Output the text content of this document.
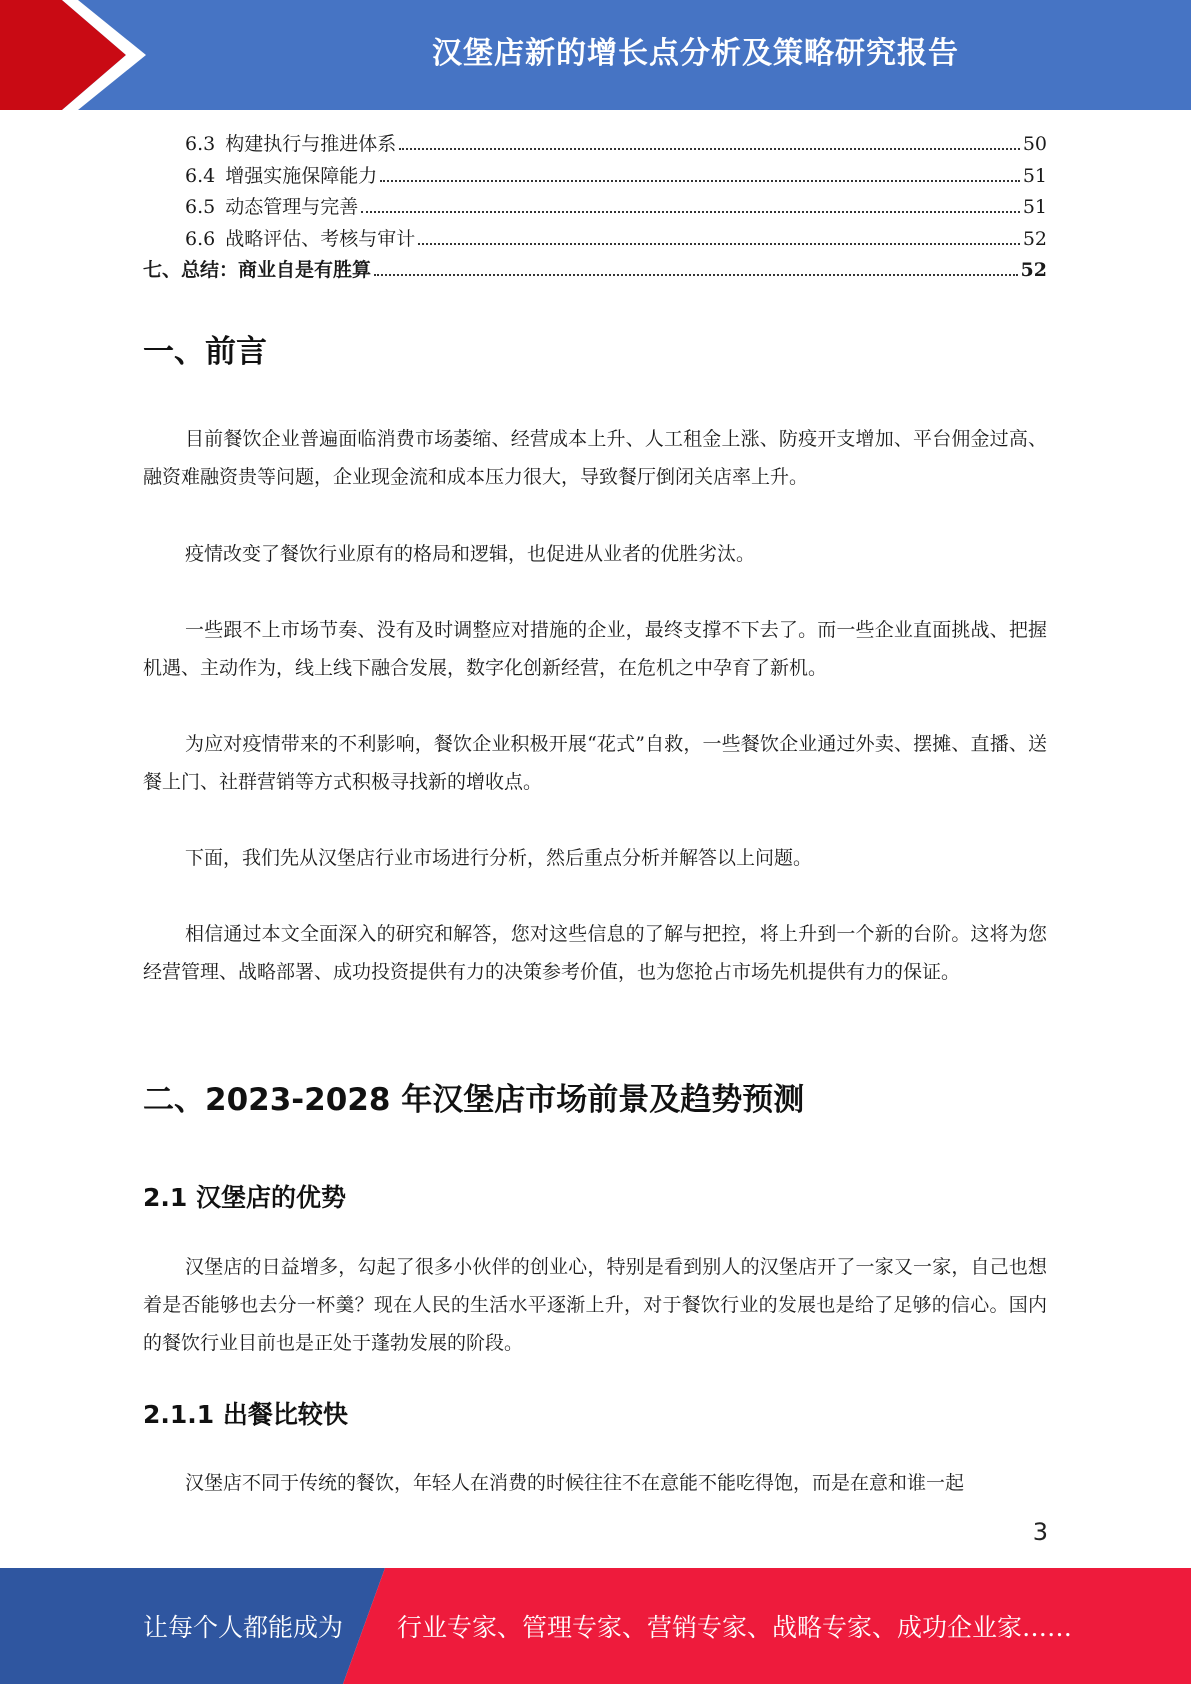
汉堡店新的增长点分析及策略研究报告
6.3 构建执行与推进体系	50
6.4 增强实施保障能力	51
6.5 动态管理与完善	51
6.6 战略评估、考核与审计	52
七、总结：商业自是有胜算	52
一、前言

目前餐饮企业普遍面临消费市场萎缩、经营成本上升、人工租金上涨、防疫开支增加、平台佣金过高、融资难融资贵等问题，企业现金流和成本压力很大，导致餐厅倒闭关店率上升。

疫情改变了餐饮行业原有的格局和逻辑，也促进从业者的优胜劣汰。

一些跟不上市场节奏、没有及时调整应对措施的企业，最终支撑不下去了。而一些企业直面挑战、把握机遇、主动作为，线上线下融合发展，数字化创新经营，在危机之中孕育了新机。

为应对疫情带来的不利影响，餐饮企业积极开展“花式”自救，一些餐饮企业通过外卖、摆摊、直播、送餐上门、社群营销等方式积极寻找新的增收点。

下面，我们先从汉堡店行业市场进行分析，然后重点分析并解答以上问题。

相信通过本文全面深入的研究和解答，您对这些信息的了解与把控，将上升到一个新的台阶。这将为您经营管理、战略部署、成功投资提供有力的决策参考价值，也为您抢占市场先机提供有力的保证。

二、2023-2028 年汉堡店市场前景及趋势预测
2.1 汉堡店的优势

汉堡店的日益增多，勾起了很多小伙伴的创业心，特别是看到别人的汉堡店开了一家又一家，自己也想着是否能够也去分一杯羹？现在人民的生活水平逐渐上升，对于餐饮行业的发展也是给了足够的信心。国内的餐饮行业目前也是正处于蓬勃发展的阶段。

2.1.1 出餐比较快

汉堡店不同于传统的餐饮，年轻人在消费的时候往往不在意能不能吃得饱，而是在意和谁一起

3
让每个人都能成为 行业专家、管理专家、营销专家、战略专家、成功企业家……
